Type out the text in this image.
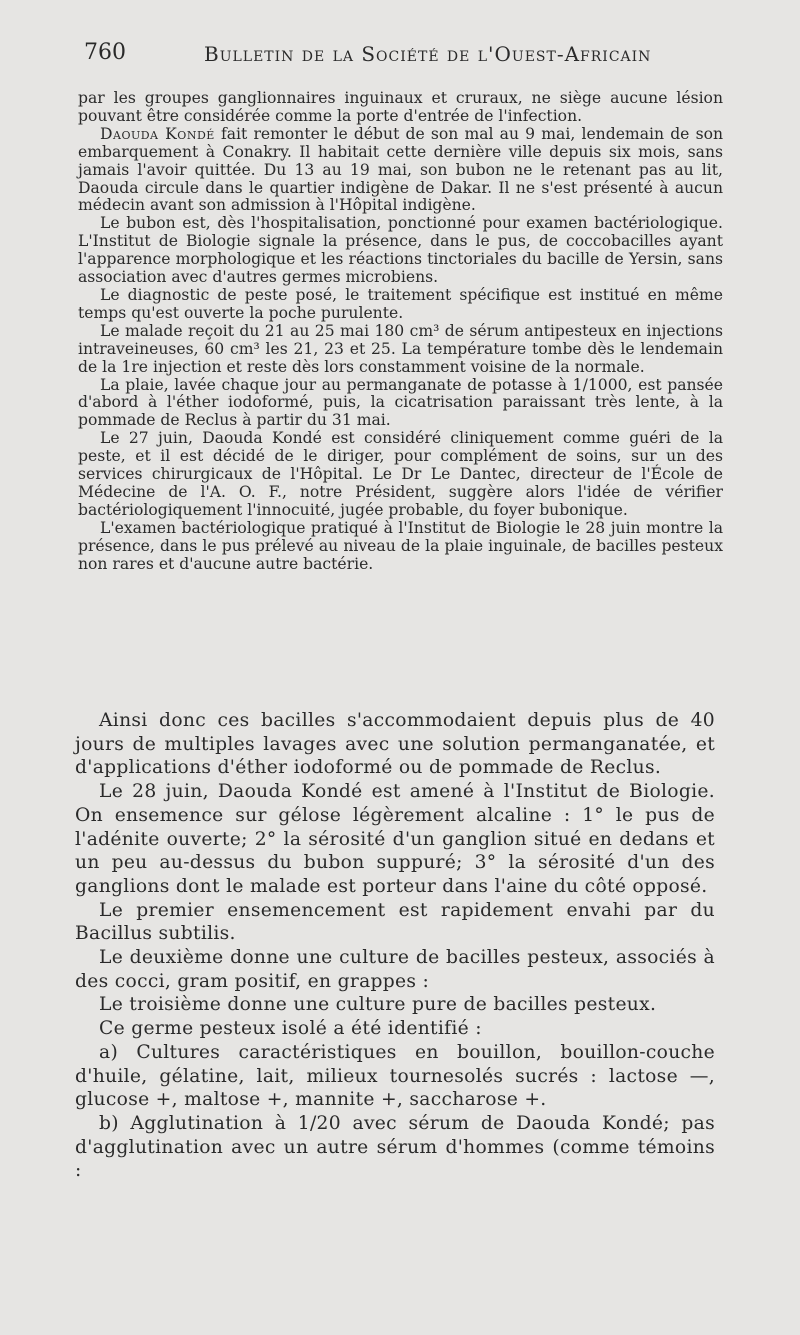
760	Bulletin de la Société de l'Ouest-Africain

par les groupes ganglionnaires inguinaux et cruraux, ne siège aucune lésion pouvant être considérée comme la porte d'entrée de l'infection.

Daouda Kondé fait remonter le début de son mal au 9 mai, lendemain de son embarquement à Conakry. Il habitait cette dernière ville depuis six mois, sans jamais l'avoir quittée. Du 13 au 19 mai, son bubon ne le retenant pas au lit, Daouda circule dans le quartier indigène de Dakar. Il ne s'est présenté à aucun médecin avant son admission à l'Hôpital indigène.

Le bubon est, dès l'hospitalisation, ponctionné pour examen bactériologique. L'Institut de Biologie signale la présence, dans le pus, de coccobacilles ayant l'apparence morphologique et les réactions tinctoriales du bacille de Yersin, sans association avec d'autres germes microbiens.

Le diagnostic de peste posé, le traitement spécifique est institué en même temps qu'est ouverte la poche purulente.

Le malade reçoit du 21 au 25 mai 180 cm³ de sérum antipesteux en injections intraveineuses, 60 cm³ les 21, 23 et 25. La température tombe dès le lendemain de la 1re injection et reste dès lors constamment voisine de la normale.

La plaie, lavée chaque jour au permanganate de potasse à 1/1000, est pansée d'abord à l'éther iodoformé, puis, la cicatrisation paraissant très lente, à la pommade de Reclus à partir du 31 mai.

Le 27 juin, Daouda Kondé est considéré cliniquement comme guéri de la peste, et il est décidé de le diriger, pour complément de soins, sur un des services chirurgicaux de l'Hôpital. Le Dr Le Dantec, directeur de l'École de Médecine de l'A. O. F., notre Président, suggère alors l'idée de vérifier bactériologiquement l'innocuité, jugée probable, du foyer bubonique.

L'examen bactériologique pratiqué à l'Institut de Biologie le 28 juin montre la présence, dans le pus prélevé au niveau de la plaie inguinale, de bacilles pesteux non rares et d'aucune autre bactérie.

Ainsi donc ces bacilles s'accommodaient depuis plus de 40 jours de multiples lavages avec une solution permanganatée, et d'applications d'éther iodoformé ou de pommade de Reclus.

Le 28 juin, Daouda Kondé est amené à l'Institut de Biologie. On ensemence sur gélose légèrement alcaline : 1° le pus de l'adénite ouverte; 2° la sérosité d'un ganglion situé en dedans et un peu au-dessus du bubon suppuré; 3° la sérosité d'un des ganglions dont le malade est porteur dans l'aine du côté opposé.

Le premier ensemencement est rapidement envahi par du Bacillus subtilis.

Le deuxième donne une culture de bacilles pesteux, associés à des cocci, gram positif, en grappes :

Le troisième donne une culture pure de bacilles pesteux.

Ce germe pesteux isolé a été identifié :

a) Cultures caractéristiques en bouillon, bouillon-couche d'huile, gélatine, lait, milieux tournesolés sucrés : lactose —, glucose +, maltose +, mannite +, saccharose +.

b) Agglutination à 1/20 avec sérum de Daouda Kondé; pas d'agglutination avec un autre sérum d'hommes (comme témoins :
